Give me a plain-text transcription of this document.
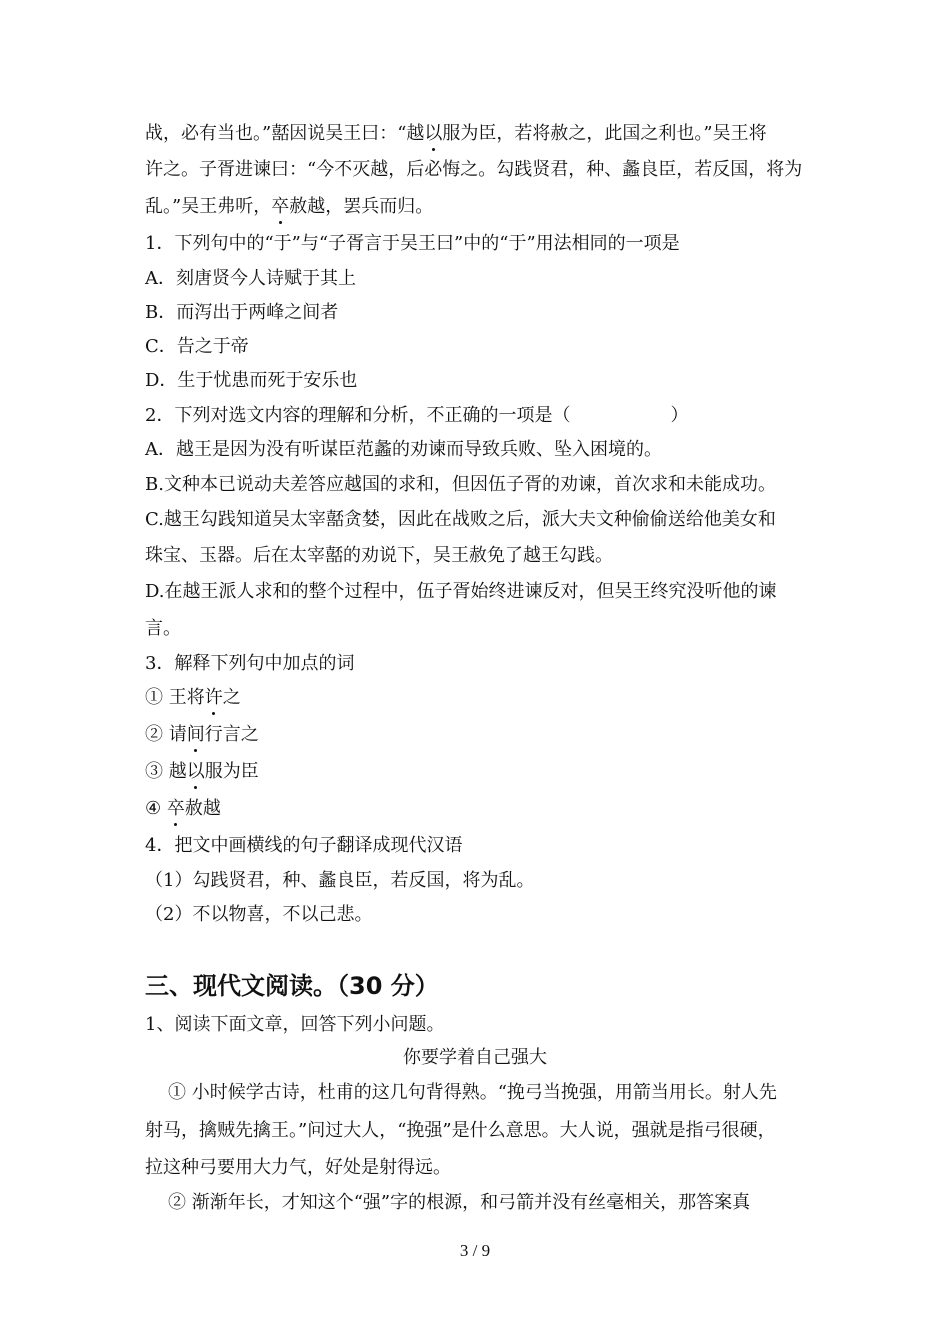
战，必有当也。”嚭因说吴王曰：“越以服为臣，若将赦之，此国之利也。”吴王将
许之。子胥进谏曰：“今不灭越，后必悔之。勾践贤君，种、蠡良臣，若反国，将为
乱。”吴王弗听，卒赦越，罢兵而归。
1．下列句中的“于”与“子胥言于吴王曰”中的“于”用法相同的一项是
A．刻唐贤今人诗赋于其上
B．而泻出于两峰之间者
C．告之于帝
D．生于忧患而死于安乐也
2．下列对选文内容的理解和分析，不正确的一项是（	）
A．越王是因为没有听谋臣范蠡的劝谏而导致兵败、坠入困境的。
B.文种本已说动夫差答应越国的求和，但因伍子胥的劝谏，首次求和未能成功。
C.越王勾践知道吴太宰嚭贪婪，因此在战败之后，派大夫文种偷偷送给他美女和
珠宝、玉器。后在太宰嚭的劝说下，吴王赦免了越王勾践。
D.在越王派人求和的整个过程中，伍子胥始终进谏反对，但吴王终究没听他的谏
言。
3．解释下列句中加点的词
① 王将许之
② 请间行言之
③ 越以服为臣
④ 卒赦越
4．把文中画横线的句子翻译成现代汉语
（1）勾践贤君，种、蠡良臣，若反国，将为乱。
（2）不以物喜，不以己悲。
三、现代文阅读。（30 分）
1、阅读下面文章，回答下列小问题。
你要学着自己强大
① 小时候学古诗，杜甫的这几句背得熟。“挽弓当挽强，用箭当用长。射人先
射马，擒贼先擒王。”问过大人，“挽强”是什么意思。大人说，强就是指弓很硬，
拉这种弓要用大力气，好处是射得远。
② 渐渐年长，才知这个“强”字的根源，和弓箭并没有丝毫相关，那答案真
3 / 9
